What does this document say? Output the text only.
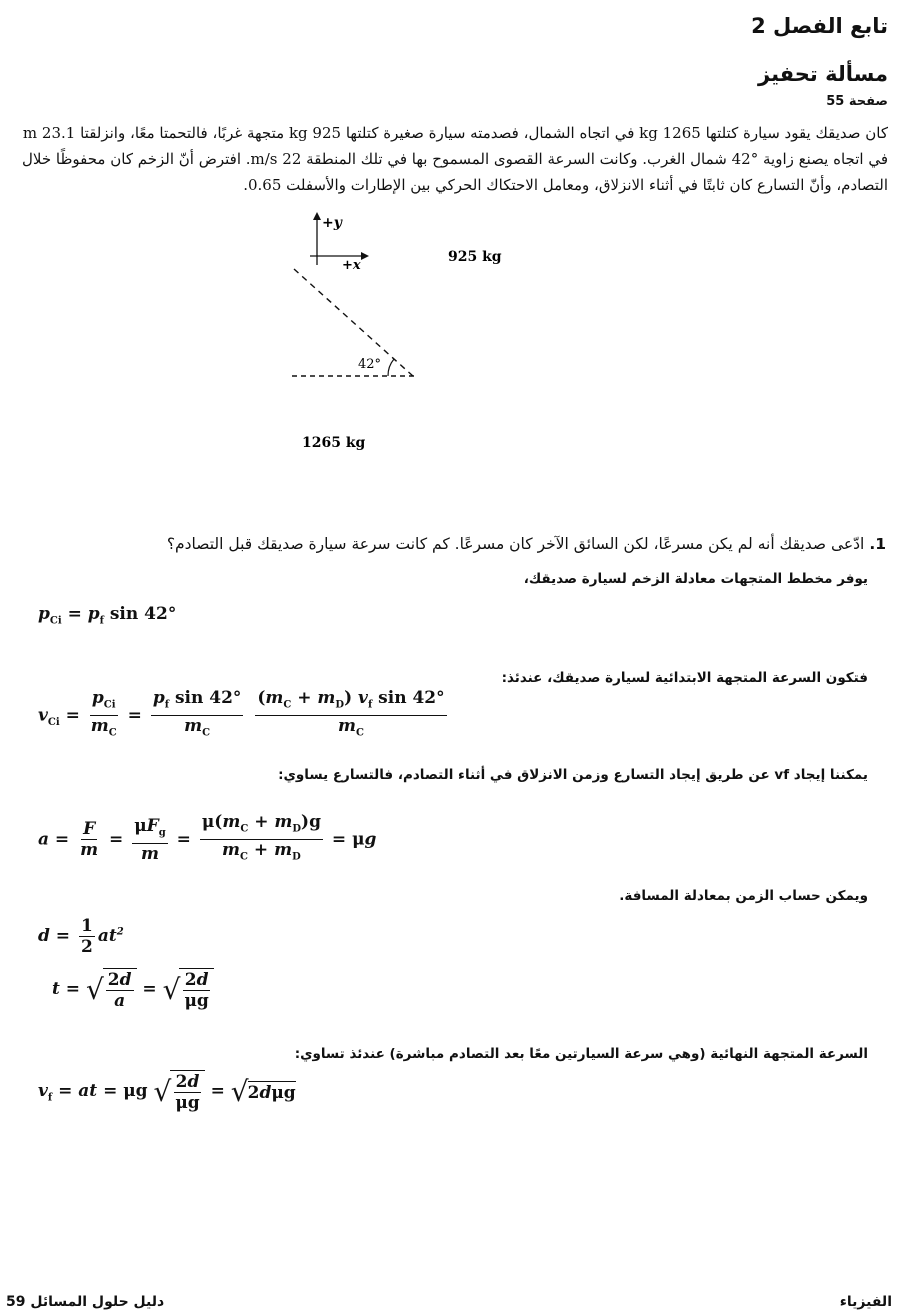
تابع الفصل 2
مسألة تحفيز
صفحة 55
كان صديقك يقود سيارة كتلتها 1265 kg في اتجاه الشمال، فصدمته سيارة صغيرة كتلتها 925 kg متجهة غربًا، فالتحمتا معًا، وانزلقتا 23.1 m في اتجاه يصنع زاوية °42 شمال الغرب. وكانت السرعة القصوى المسموح بها في تلك المنطقة 22 m/s. افترض أنّ الزخم كان محفوظًا خلال التصادم، وأنّ التسارع كان ثابتًا في أثناء الانزلاق، ومعامل الاحتكاك الحركي بين الإطارات والأسفلت 0.65.
+y
+x
925 kg
42°
1265 kg
1. ادّعى صديقك أنه لم يكن مسرعًا، لكن السائق الآخر كان مسرعًا. كم كانت سرعة سيارة صديقك قبل التصادم؟
يوفر مخطط المتجهات معادلة الزخم لسيارة صديقك،
$p_{Ci} = p_f$ sin 42°
فتكون السرعة المتجهة الابتدائية لسيارة صديقك، عندئذ:
$v_{Ci} = \frac{p_{Ci}}{m_C} = \frac{p_f \sin 42^\circ}{m_C}$
$\frac{(m_C + m_D) v_f \sin 42^\circ}{m_C}$
يمكننا إيجاد vf عن طريق إيجاد التسارع وزمن الانزلاق في أثناء التصادم، فالتسارع يساوي:
$a = \frac{F}{m} = \frac{\mu F_g}{m} = \frac{\mu(m_C + m_D)g}{m_C + m_D} = \mu g$
ويمكن حساب الزمن بمعادلة المسافة.
$d = \frac{1}{2} at^2$
t = √ $\frac{2d}{a}$ = √ $\frac{2d}{\mu g}$
السرعة المتجهة النهائية (وهي سرعة السيارتين معًا بعد التصادم مباشرة) عندئذ تساوي:
$v_f$ = at = μg √ $\frac{2d}{\mu g}$ = √ 2dμg
الفيزياء
دليل حلول المسائل 59
